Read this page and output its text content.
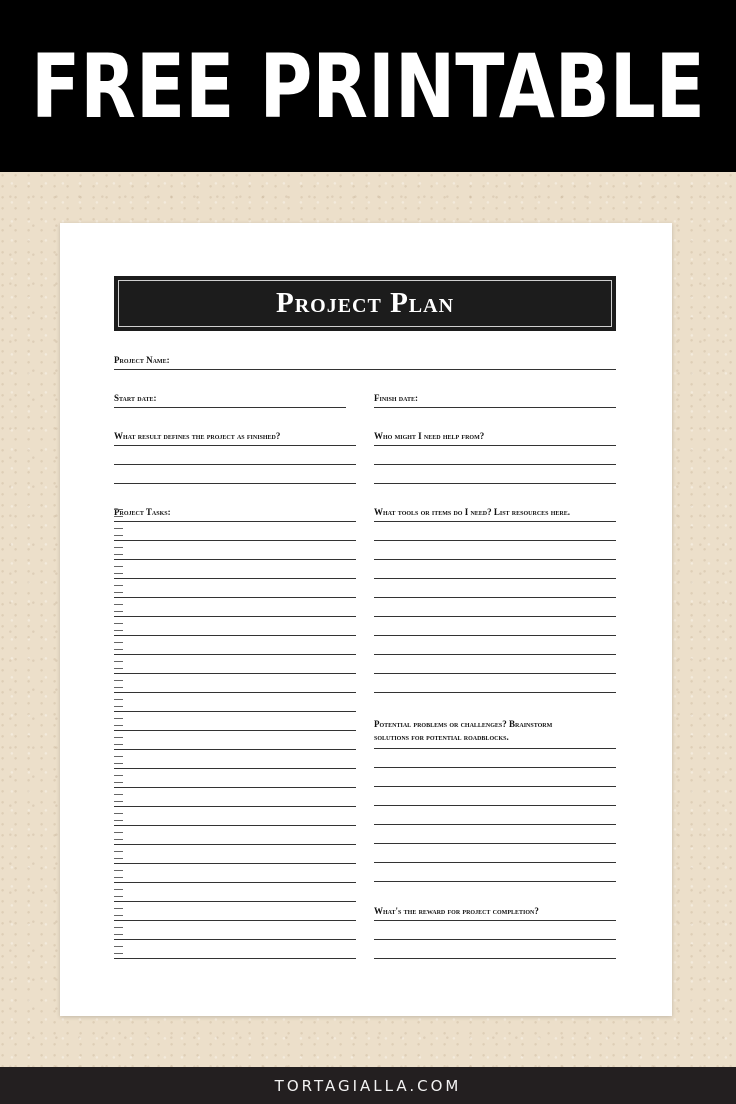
FREE PRINTABLE
Project Plan
Project Name:
Start date:	Finish date:
What result defines the project as finished?	Who might I need help from?
Project Tasks:	What tools or items do I need? List resources here.
Potential problems or challenges? Brainstorm
solutions for potential roadblocks.
What's the reward for project completion?
TORTAGIALLA.COM
